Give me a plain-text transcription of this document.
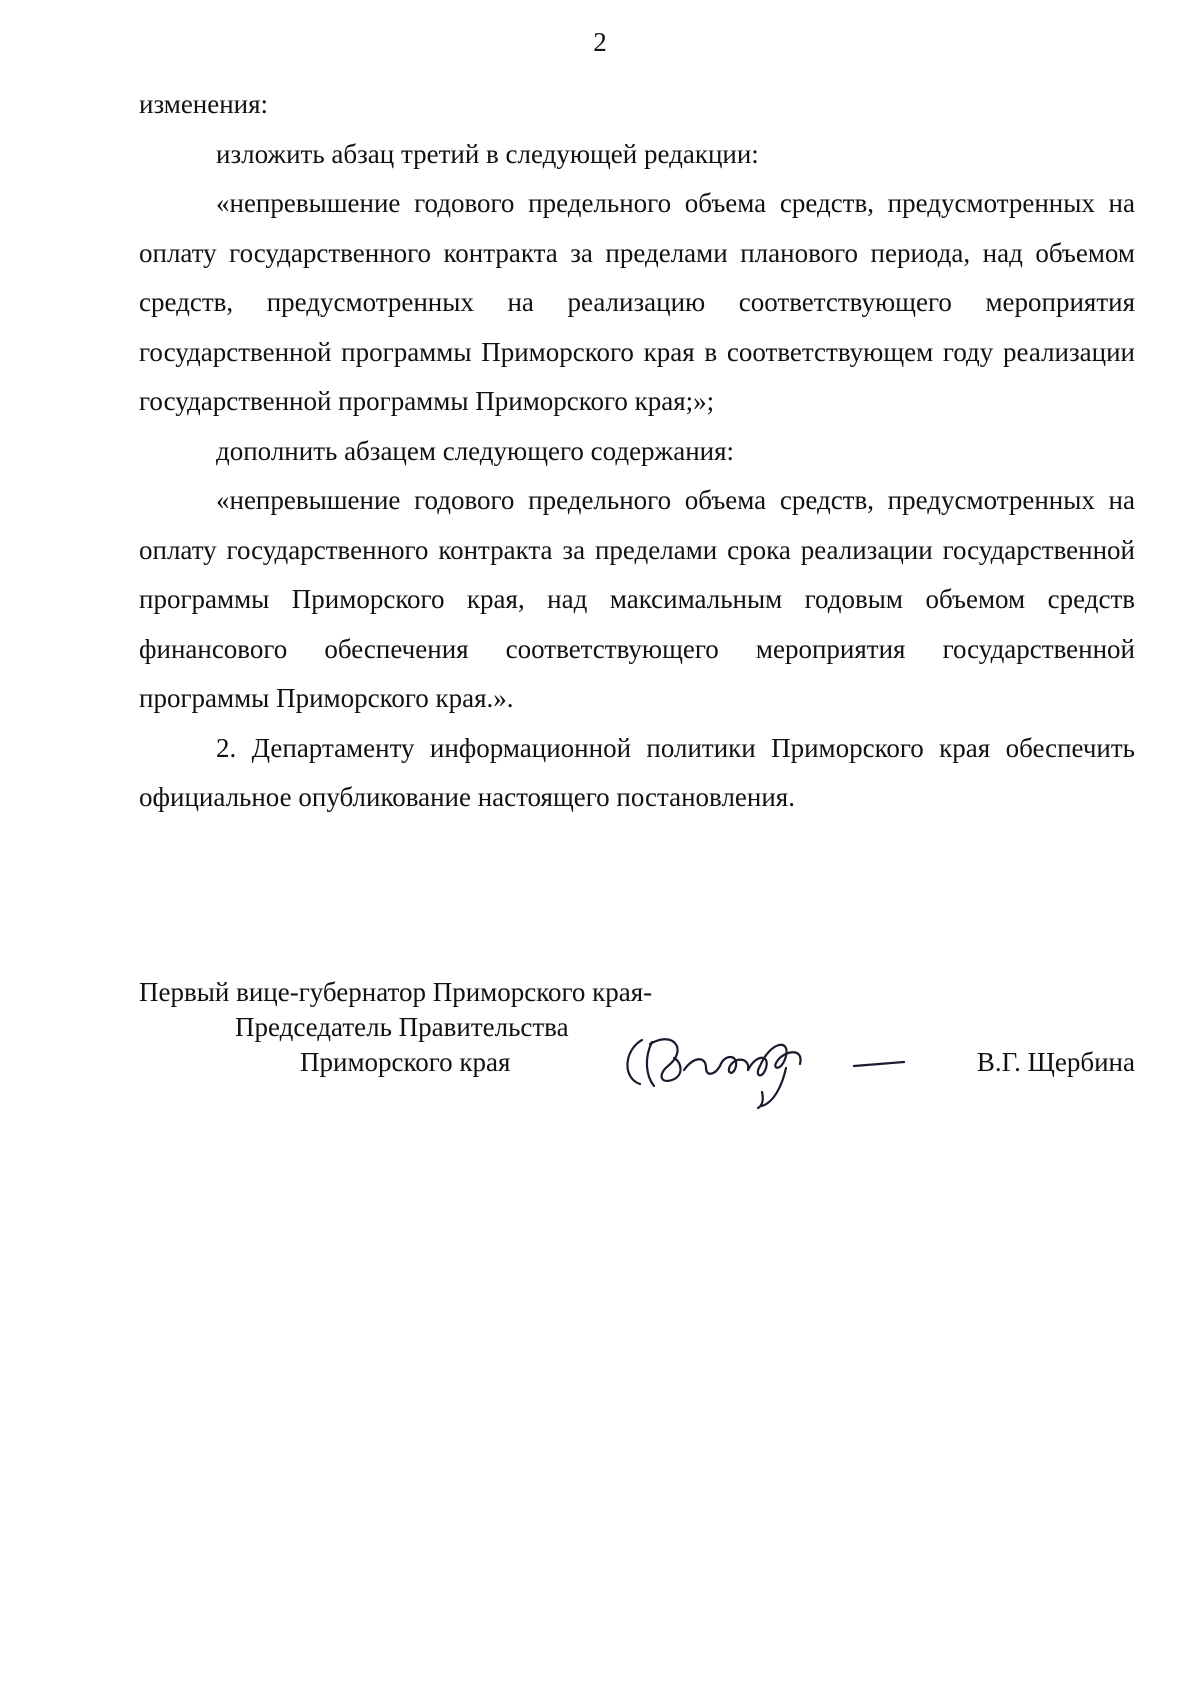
2

изменения:

изложить абзац третий в следующей редакции:

«непревышение годового предельного объема средств, предусмотренных на оплату государственного контракта за пределами планового периода, над объемом средств, предусмотренных на реализацию соответствующего мероприятия государственной программы Приморского края в соответствующем году реализации государственной программы Приморского края;»;

дополнить абзацем следующего содержания:

«непревышение годового предельного объема средств, предусмотренных на оплату государственного контракта за пределами срока реализации государственной программы Приморского края, над максимальным годовым объемом средств финансового обеспечения соответствующего мероприятия государственной программы Приморского края.».

2. Департаменту информационной политики Приморского края обеспечить официальное опубликование настоящего постановления.

Первый вице-губернатор Приморского края-
Председатель Правительства
Приморского края	В.Г. Щербина
